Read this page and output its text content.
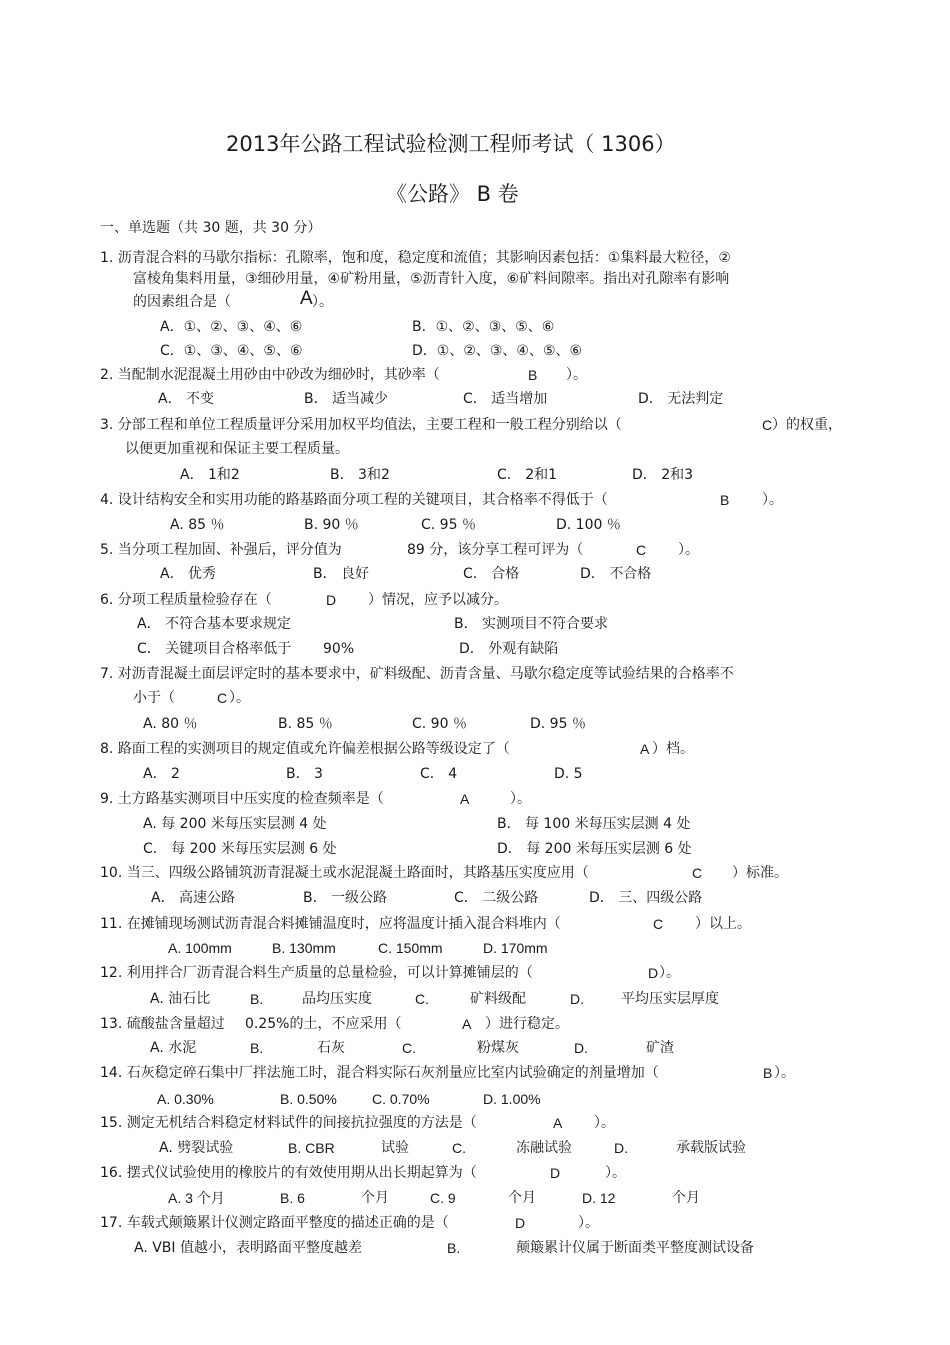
2013年公路工程试验检测工程师考试（ 1306）
《公路》 B 卷
一、单选题（共 30 题，共 30 分）
1. 沥青混合料的马歇尔指标：孔隙率，饱和度，稳定度和流值；其影响因素包括：①集料最大粒径，②
富棱角集料用量，③细砂用量，④矿粉用量，⑤沥青针入度，⑥矿料间隙率。指出对孔隙率有影响
的因素组合是（	A ）。
A．①、②、③、④、⑥	B．①、②、③、⑤、⑥
C．①、③、④、⑤、⑥	D．①、②、③、④、⑤、⑥
2. 当配制水泥混凝土用砂由中砂改为细砂时，其砂率（	B ）。
A． 不变	B． 适当减少	C． 适当增加	D． 无法判定
3. 分部工程和单位工程质量评分采用加权平均值法，主要工程和一般工程分别给以（	C ）的权重，
以便更加重视和保证主要工程质量。
A． 1和2	B． 3和2	C． 2和1	D． 2和3
4. 设计结构安全和实用功能的路基路面分项工程的关键项目，其合格率不得低于（	B ）。
A. 85 ％	B. 90 ％	C. 95 ％	D. 100 ％
5. 当分项工程加固、补强后，评分值为	89 分，该分享工程可评为（	C ）。
A． 优秀	B． 良好	C． 合格	D． 不合格
6. 分项工程质量检验存在（	D ）情况，应予以减分。
A． 不符合基本要求规定	B． 实测项目不符合要求
C． 关键项目合格率低于 90%	D． 外观有缺陷
7. 对沥青混凝土面层评定时的基本要求中，矿料级配、沥青含量、马歇尔稳定度等试验结果的合格率不
小于（	C ）。
A. 80 ％	B. 85 ％	C. 90 ％	D. 95 ％
8. 路面工程的实测项目的规定值或允许偏差根据公路等级设定了（	A ）档。
A． 2	B． 3	C． 4	D. 5
9. 土方路基实测项目中压实度的检查频率是（	A	）。
A. 每 200 米每压实层测 4 处	B． 每 100 米每压实层测 4 处
C． 每 200 米每压实层测 6 处	D． 每 200 米每压实层测 6 处
10. 当三、四级公路铺筑沥青混凝土或水泥混凝土路面时，其路基压实度应用（	C ）标准。
A． 高速公路	B． 一级公路	C． 二级公路	D． 三、四级公路
11. 在摊铺现场测试沥青混合料摊铺温度时，应将温度计插入混合料堆内（	C ）以上。
A. 100mm	B. 130mm	C. 150mm	D. 170mm
12. 利用拌合厂沥青混合料生产质量的总量检验，可以计算摊铺层的（	D ）。
A. 油石比	B.	品均压实度	C.	矿料级配	D.	平均压实层厚度
13. 硫酸盐含量超过 0.25%的土，不应采用（	A ）进行稳定。
A. 水泥	B.	石灰	C.	粉煤灰	D.	矿渣
14. 石灰稳定碎石集中厂拌法施工时，混合料实际石灰剂量应比室内试验确定的剂量增加（	B ）。
A. 0.30%	B. 0.50%	C. 0.70%	D. 1.00%
15. 测定无机结合料稳定材料试件的间接抗拉强度的方法是（	A ）。
A. 劈裂试验	B. CBR	试验	C.	冻融试验	D.	承载版试验
16. 摆式仪试验使用的橡胶片的有效使用期从出长期起算为（	D	）。
A. 3 个月	B. 6	个月	C. 9	个月	D. 12	个月
17. 车载式颠簸累计仪测定路面平整度的描述正确的是（	D	）。
A. VBI 值越小，表明路面平整度越差	B.	颠簸累计仪属于断面类平整度测试设备
